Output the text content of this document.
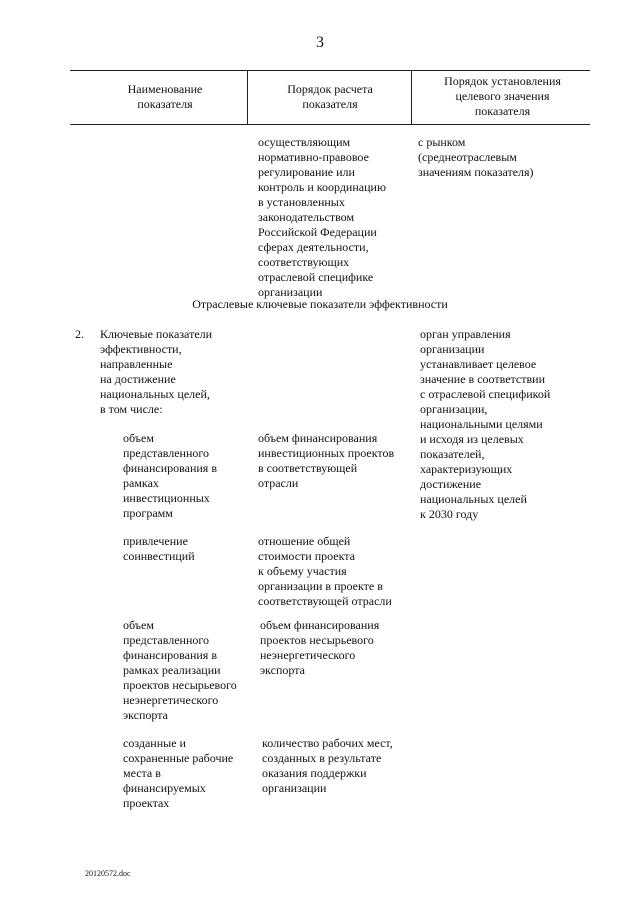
3
Наименование
показателя
Порядок расчета
показателя
Порядок установления
целевого значения
показателя
осуществляющим
нормативно-правовое
регулирование или
контроль и координацию
в установленных
законодательством
Российской Федерации
сферах деятельности,
соответствующих
отраслевой специфике
организации
с рынком
(среднеотраслевым
значениям показателя)
Отраслевые ключевые показатели эффективности
2. Ключевые показатели
эффективности,
направленные
на достижение
национальных целей,
в том числе:
орган управления
организации
устанавливает целевое
значение в соответствии
с отраслевой спецификой
организации,
национальными целями
и исходя из целевых
показателей,
характеризующих
достижение
национальных целей
к 2030 году
объем
представленного
финансирования в
рамках
инвестиционных
программ
объем финансирования
инвестиционных проектов
в соответствующей
отрасли
привлечение
соинвестиций
отношение общей
стоимости проекта
к объему участия
организации в проекте в
соответствующей отрасли
объем
представленного
финансирования в
рамках реализации
проектов несырьевого
неэнергетического
экспорта
объем финансирования
проектов несырьевого
неэнергетического
экспорта
созданные и
сохраненные рабочие
места в
финансируемых
проектах
количество рабочих мест,
созданных в результате
оказания поддержки
организации
20120572.doc
